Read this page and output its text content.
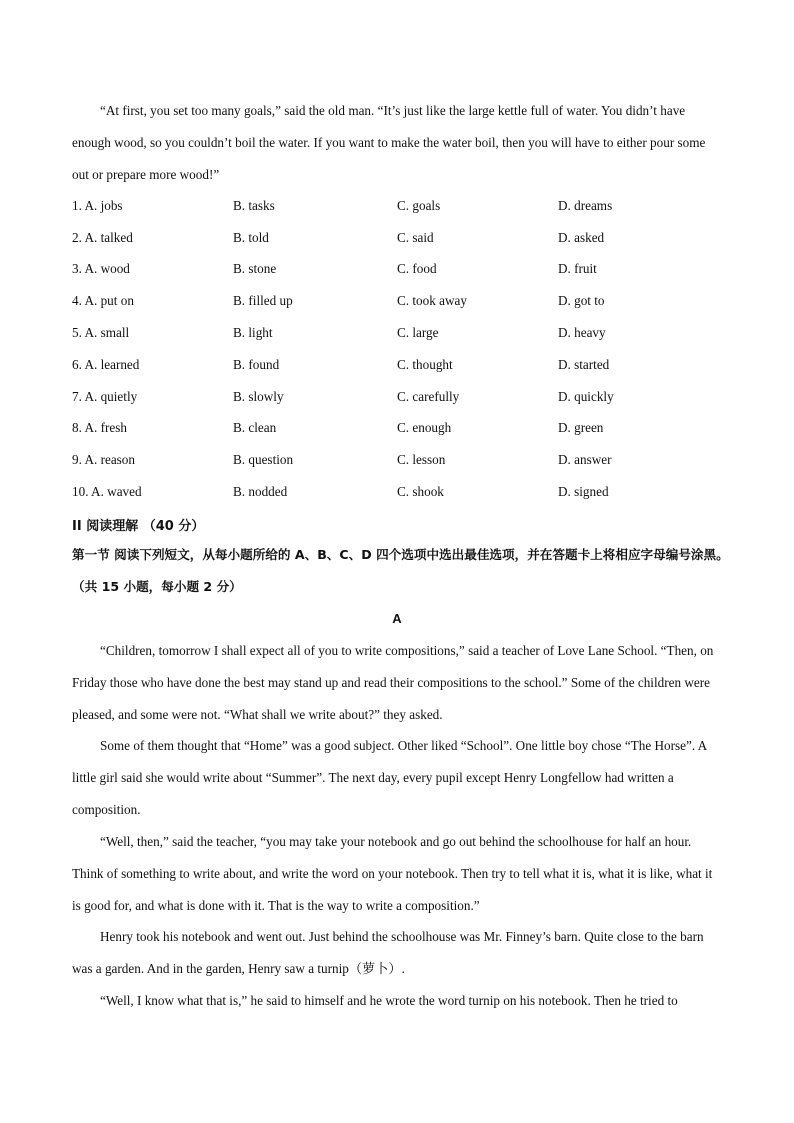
“At first, you set too many goals,” said the old man. “It’s just like the large kettle full of water. You didn’t have enough wood, so you couldn’t boil the water. If you want to make the water boil, then you will have to either pour some out or prepare more wood!”
1. A. jobs	B. tasks	C. goals	D. dreams
2. A. talked	B. told	C. said	D. asked
3. A. wood	B. stone	C. food	D. fruit
4. A. put on	B. filled up	C. took away	D. got to
5. A. small	B. light	C. large	D. heavy
6. A. learned	B. found	C. thought	D. started
7. A. quietly	B. slowly	C. carefully	D. quickly
8. A. fresh	B. clean	C. enough	D. green
9. A. reason	B. question	C. lesson	D. answer
10. A. waved	B. nodded	C. shook	D. signed
II 阅读理解 （40 分）
第一节 阅读下列短文，从每小题所给的 A、B、C、D 四个选项中选出最佳选项，并在答题卡上将相应字母编号涂黑。（共 15 小题，每小题 2 分）
A
“Children, tomorrow I shall expect all of you to write compositions,” said a teacher of Love Lane School. “Then, on Friday those who have done the best may stand up and read their compositions to the school.” Some of the children were pleased, and some were not. “What shall we write about?” they asked.
Some of them thought that “Home” was a good subject. Other liked “School”. One little boy chose “The Horse”. A little girl said she would write about “Summer”. The next day, every pupil except Henry Longfellow had written a composition.
“Well, then,” said the teacher, “you may take your notebook and go out behind the schoolhouse for half an hour. Think of something to write about, and write the word on your notebook. Then try to tell what it is, what it is like, what it is good for, and what is done with it. That is the way to write a composition.”
Henry took his notebook and went out. Just behind the schoolhouse was Mr. Finney’s barn. Quite close to the barn was a garden. And in the garden, Henry saw a turnip（萝卜）.
“Well, I know what that is,” he said to himself and he wrote the word turnip on his notebook. Then he tried to
